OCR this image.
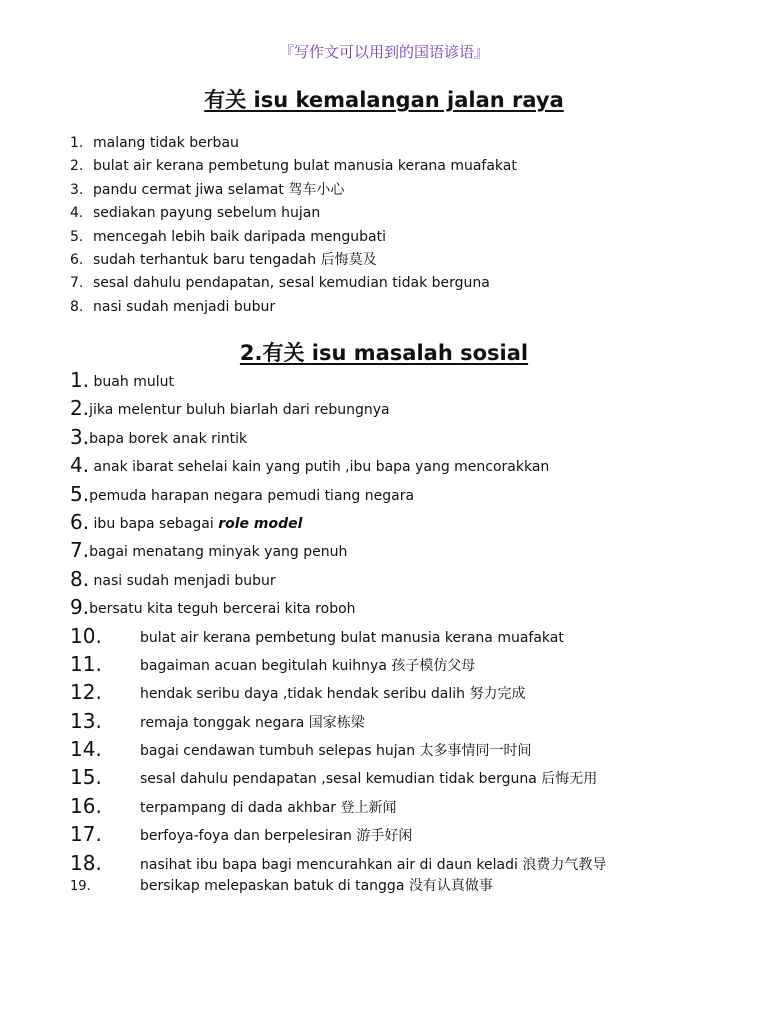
『写作文可以用到的国语谚语』
有关 isu kemalangan jalan raya
1. malang tidak berbau
2. bulat air kerana pembetung bulat manusia kerana muafakat
3. pandu cermat jiwa selamat 驾车小心
4. sediakan payung sebelum hujan
5. mencegah lebih baik daripada mengubati
6. sudah terhantuk baru tengadah 后悔莫及
7. sesal dahulu pendapatan, sesal kemudian tidak berguna
8. nasi sudah menjadi bubur
2.有关 isu masalah sosial
1. buah mulut
2.jika melentur buluh biarlah dari rebungnya
3.bapa borek anak rintik
4. anak ibarat sehelai kain yang putih ,ibu bapa yang mencorakkan
5.pemuda harapan negara pemudi tiang negara
6. ibu bapa sebagai role model
7.bagai menatang minyak yang penuh
8. nasi sudah menjadi bubur
9.bersatu kita teguh bercerai kita roboh
10.	bulat air kerana pembetung bulat manusia kerana muafakat
11.	bagaiman acuan begitulah kuihnya 孩子模仿父母
12.	hendak seribu daya ,tidak hendak seribu dalih 努力完成
13.	remaja tonggak negara 国家栋梁
14.	bagai cendawan tumbuh selepas hujan 太多事情同一时间
15.	sesal dahulu pendapatan ,sesal kemudian tidak berguna 后悔无用
16.	terpampang di dada akhbar 登上新闻
17.	berfoya-foya dan berpelesiran 游手好闲
18.	nasihat ibu bapa bagi mencurahkan air di daun keladi 浪费力气教导
19.	bersikap melepaskan batuk di tangga 没有认真做事
